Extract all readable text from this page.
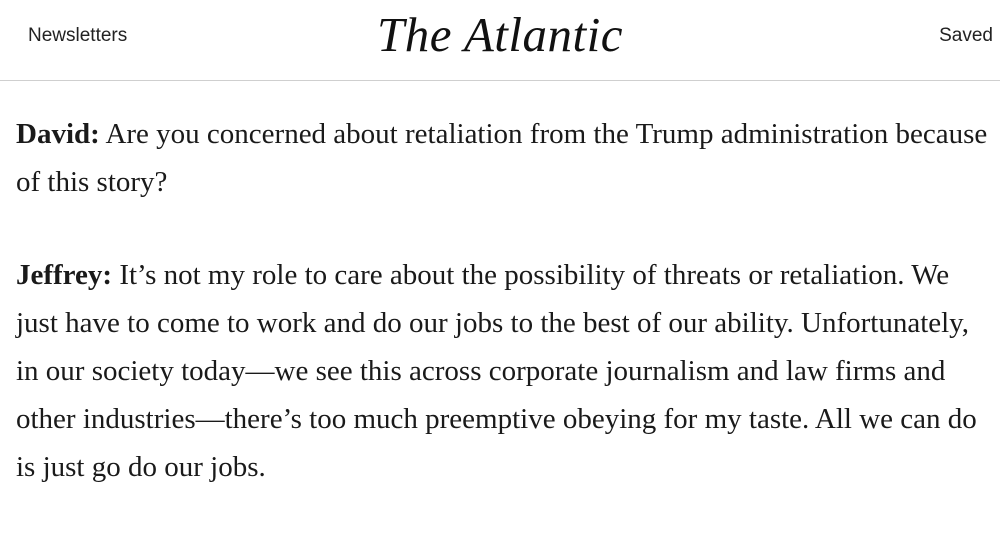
Newsletters	The Atlantic	Saved

David: Are you concerned about retaliation from the Trump administration because of this story?

Jeffrey: It’s not my role to care about the possibility of threats or retaliation. We just have to come to work and do our jobs to the best of our ability. Unfortunately, in our society today—we see this across corporate journalism and law firms and other industries—there’s too much preemptive obeying for my taste. All we can do is just go do our jobs.
